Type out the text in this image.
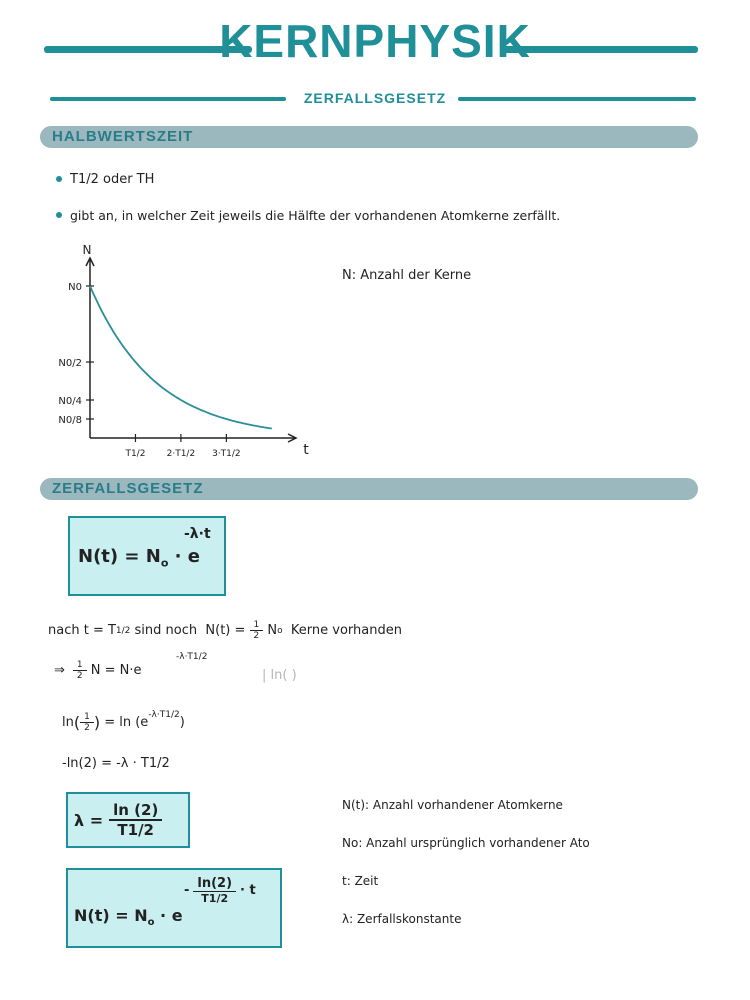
KERNPHYSIK
ZERFALLSGESETZ
HALBWERTSZEIT
T1/2 oder TH
gibt an, in welcher Zeit jeweils die Hälfte der vorhandenen Atomkerne zerfällt.
N
t
N0
N0/2
N0/4
N0/8
T1/2 2·T1/2 3·T1/2
N: Anzahl der Kerne
ZERFALLSGESETZ
$N(t) = N_o \cdot e$
-λ·t
nach t = T 1/2 sind noch  $N(t) = \frac{1}{2}$ N o Kerne vorhanden
⇒ $\frac{1}{2}$ N = N ·e
-λ·T1/2
| ln( )
ln ( $\frac{1}{2}$ ) = ln (e
-λ·T1/2
)
-ln(2) = -λ · T1/2
$\lambda = \frac{\ln (2)}{T1/2}$
$N(t) = N_o \cdot e$
- $\frac{\ln(2)}{T1/2} \cdot t$
N(t): Anzahl vorhandener Atomkerne
No: Anzahl ursprünglich vorhandener Ato
t: Zeit
λ: Zerfallskonstante
